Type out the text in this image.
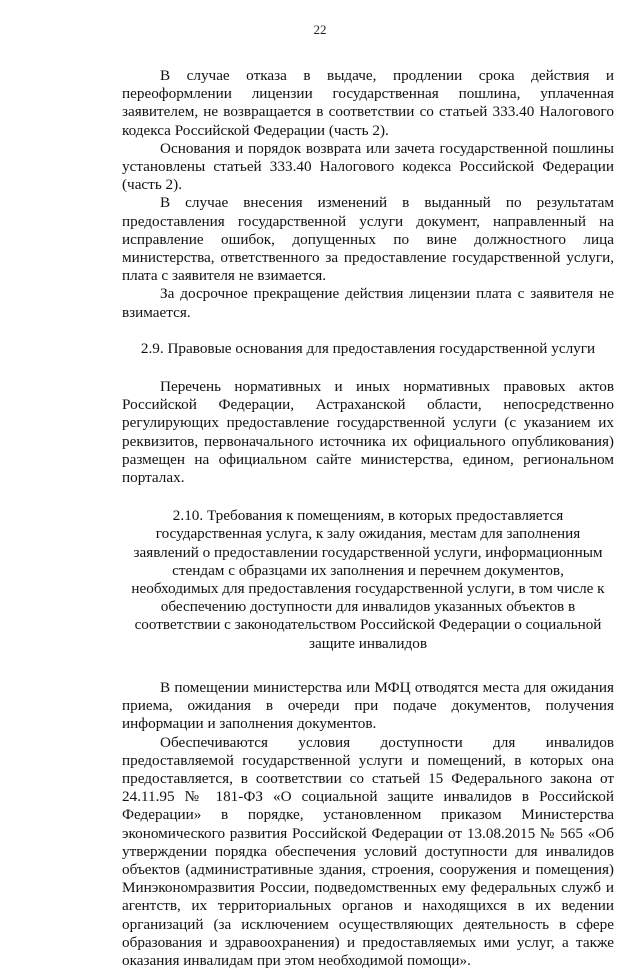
22

В случае отказа в выдаче, продлении срока действия и переоформлении лицензии государственная пошлина, уплаченная заявителем, не возвращается в соответствии со статьей 333.40 Налогового кодекса Российской Федерации (часть 2).

Основания и порядок возврата или зачета государственной пошлины установлены статьей 333.40 Налогового кодекса Российской Федерации (часть 2).

В случае внесения изменений в выданный по результатам предоставления государственной услуги документ, направленный на исправление ошибок, допущенных по вине должностного лица министерства, ответственного за предоставление государственной услуги, плата с заявителя не взимается.

За досрочное прекращение действия лицензии плата с заявителя не взимается.

2.9. Правовые основания для предоставления государственной услуги

Перечень нормативных и иных нормативных правовых актов Российской Федерации, Астраханской области, непосредственно регулирующих предоставление государственной услуги (с указанием их реквизитов, первоначального источника их официального опубликования) размещен на официальном сайте министерства, едином, региональном порталах.

2.10. Требования к помещениям, в которых предоставляется государственная услуга, к залу ожидания, местам для заполнения заявлений о предоставлении государственной услуги, информационным стендам с образцами их заполнения и перечнем документов, необходимых для предоставления государственной услуги, в том числе к обеспечению доступности для инвалидов указанных объектов в соответствии с законодательством Российской Федерации о социальной защите инвалидов

В помещении министерства или МФЦ отводятся места для ожидания приема, ожидания в очереди при подаче документов, получения информации и заполнения документов.

Обеспечиваются условия доступности для инвалидов предоставляемой государственной услуги и помещений, в которых она предоставляется, в соответствии со статьей 15 Федерального закона от 24.11.95 № 181-ФЗ «О социальной защите инвалидов в Российской Федерации» в порядке, установленном приказом Министерства экономического развития Российской Федерации от 13.08.2015 № 565 «Об утверждении порядка обеспечения условий доступности для инвалидов объектов (административные здания, строения, сооружения и помещения) Минэкономразвития России, подведомственных ему федеральных служб и агентств, их территориальных органов и находящихся в их ведении организаций (за исключением осуществляющих деятельность в сфере образования и здравоохранения) и предоставляемых ими услуг, а также оказания инвалидам при этом необходимой помощи».
